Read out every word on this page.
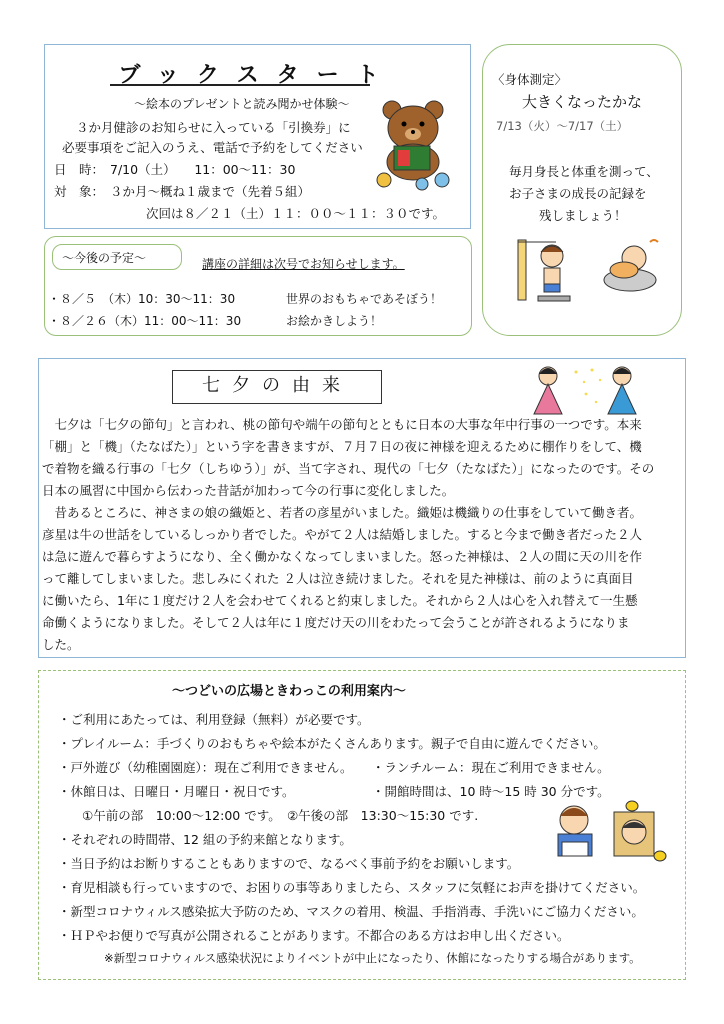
ブックスタート
～絵本のプレゼントと読み聞かせ体験～
３か月健診のお知らせに入っている「引換券」に
必要事項をご記入のうえ、電話で予約をしてください
日　時： 7/10（土）　　11：00～11：30
対　象： ３か月～概ね１歳まで（先着５組）
次回は８／２１（土）１１：００～１１：３０です。
～今後の予定～	講座の詳細は次号でお知らせします。
・８／５　（木）10：30～11：30	世界のおもちゃであそぼう！
・８／２６（木）11：00～11：30	お絵かきしよう！
〈身体測定〉
大きくなったかな
7/13（火）～7/17（土）
毎月身長と体重を測って、
お子さまの成長の記録を
残しましょう！
七夕の由来
　七夕は「七夕の節句」と言われ、桃の節句や端午の節句とともに日本の大事な年中行事の一つです。本来
「棚」と「機」（たなばた）」という字を書きますが、７月７日の夜に神様を迎えるために棚作りをして、機
で着物を織る行事の「七夕（しちゆう）」が、当て字され、現代の「七夕（たなばた）」になったのです。その
日本の風習に中国から伝わった昔話が加わって今の行事に変化しました。
　昔あるところに、神さまの娘の織姫と、若者の彦星がいました。織姫は機織りの仕事をしていて働き者。
彦星は牛の世話をしているしっかり者でした。やがて２人は結婚しました。すると今まで働き者だった２人
は急に遊んで暮らすようになり、全く働かなくなってしまいました。怒った神様は、２人の間に天の川を作
って離してしまいました。悲しみにくれた ２人は泣き続けました。それを見た神様は、前のように真面目
に働いたら、1年に１度だけ２人を会わせてくれると約束しました。それから２人は心を入れ替えて一生懸
命働くようになりました。そして２人は年に１度だけ天の川をわたって会うことが許されるようになりま
した。
～つどいの広場ときわっこの利用案内～
・ご利用にあたっては、利用登録（無料）が必要です。
・プレイルーム：手づくりのおもちゃや絵本がたくさんあります。親子で自由に遊んでください。
・戸外遊び（幼稚園園庭）：現在ご利用できません。 ・ランチルーム：現在ご利用できません。
・休館日は、日曜日・月曜日・祝日です。	・開館時間は、10 時～15 時 30 分です。
①午前の部　10:00～12:00 です。　②午後の部　13:30～15:30 です.
・それぞれの時間帯、12 組の予約来館となります。
・当日予約はお断りすることもありますので、なるべく事前予約をお願いします。
・育児相談も行っていますので、お困りの事等ありましたら、スタッフに気軽にお声を掛けてください。
・新型コロナウィルス感染拡大予防のため、マスクの着用、検温、手指消毒、手洗いにご協力ください。
・ＨＰやお便りで写真が公開されることがあります。不都合のある方はお申し出ください。
※新型コロナウィルス感染状況によりイベントが中止になったり、休館になったりする場合があります。
